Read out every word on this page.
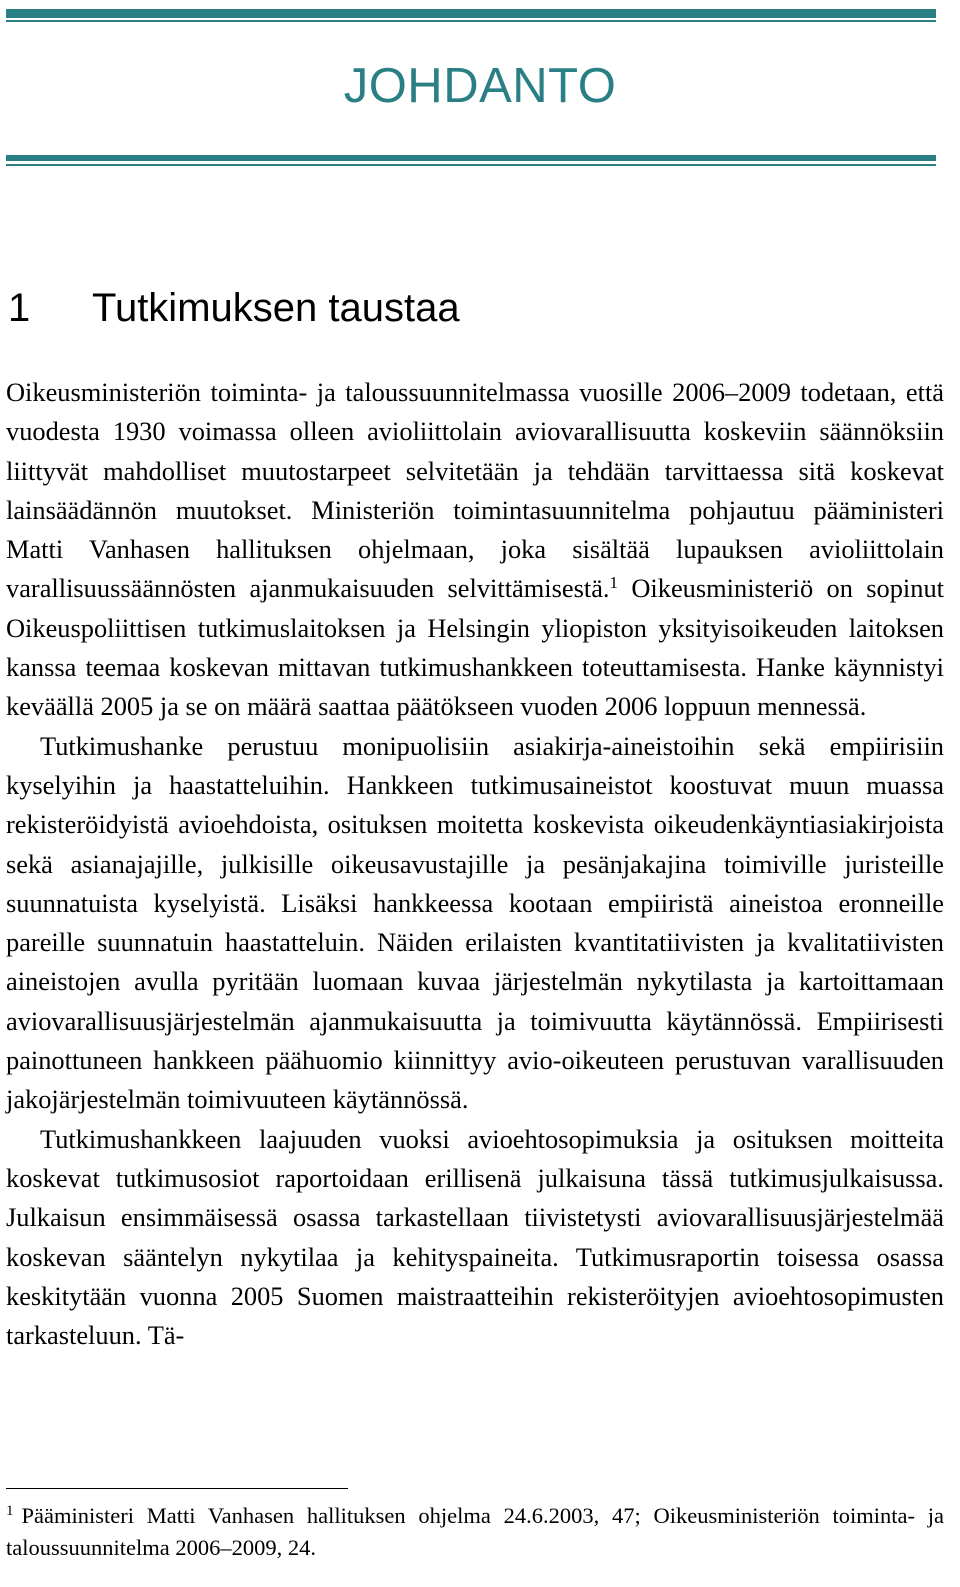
JOHDANTO
1	Tutkimuksen taustaa

Oikeusministeriön toiminta- ja taloussuunnitelmassa vuosille 2006–2009 todetaan, että vuodesta 1930 voimassa olleen avioliittolain aviovarallisuutta koskeviin säännöksiin liittyvät mahdolliset muutostarpeet selvitetään ja tehdään tarvittaessa sitä koskevat lainsäädännön muutokset. Ministeriön toimintasuunnitelma pohjautuu pääministeri Matti Vanhasen hallituksen ohjelmaan, joka sisältää lupauksen avioliittolain varallisuussäännösten ajanmukaisuuden selvittämisestä.$^1$ Oikeusministeriö on sopinut Oikeuspoliittisen tutkimuslaitoksen ja Helsingin yliopiston yksityisoikeuden laitoksen kanssa teemaa koskevan mittavan tutkimushankkeen toteuttamisesta. Hanke käynnistyi keväällä 2005 ja se on määrä saattaa päätökseen vuoden 2006 loppuun mennessä.

Tutkimushanke perustuu monipuolisiin asiakirja-aineistoihin sekä empiirisiin kyselyihin ja haastatteluihin. Hankkeen tutkimusaineistot koostuvat muun muassa rekisteröidyistä avioehdoista, osituksen moitetta koskevista oikeudenkäyntiasiakirjoista sekä asianajajille, julkisille oikeusavustajille ja pesänjakajina toimiville juristeille suunnatuista kyselyistä. Lisäksi hankkeessa kootaan empiiristä aineistoa eronneille pareille suunnatuin haastatteluin. Näiden erilaisten kvantitatiivisten ja kvalitatiivisten aineistojen avulla pyritään luomaan kuvaa järjestelmän nykytilasta ja kartoittamaan aviovarallisuusjärjestelmän ajanmukaisuutta ja toimivuutta käytännössä. Empiirisesti painottuneen hankkeen päähuomio kiinnittyy avio-oikeuteen perustuvan varallisuuden jakojärjestelmän toimivuuteen käytännössä.

Tutkimushankkeen laajuuden vuoksi avioehtosopimuksia ja osituksen moitteita koskevat tutkimusosiot raportoidaan erillisenä julkaisuna tässä tutkimusjulkaisussa. Julkaisun ensimmäisessä osassa tarkastellaan tiivistetysti aviovarallisuusjärjestelmää koskevan sääntelyn nykytilaa ja kehityspaineita. Tutkimusraportin toisessa osassa keskitytään vuonna 2005 Suomen maistraatteihin rekisteröityjen avioehtosopimusten tarkasteluun. Tä-

$^1$ Pääministeri Matti Vanhasen hallituksen ohjelma 24.6.2003, 47; Oikeusministeriön toiminta- ja taloussuunnitelma 2006–2009, 24.
